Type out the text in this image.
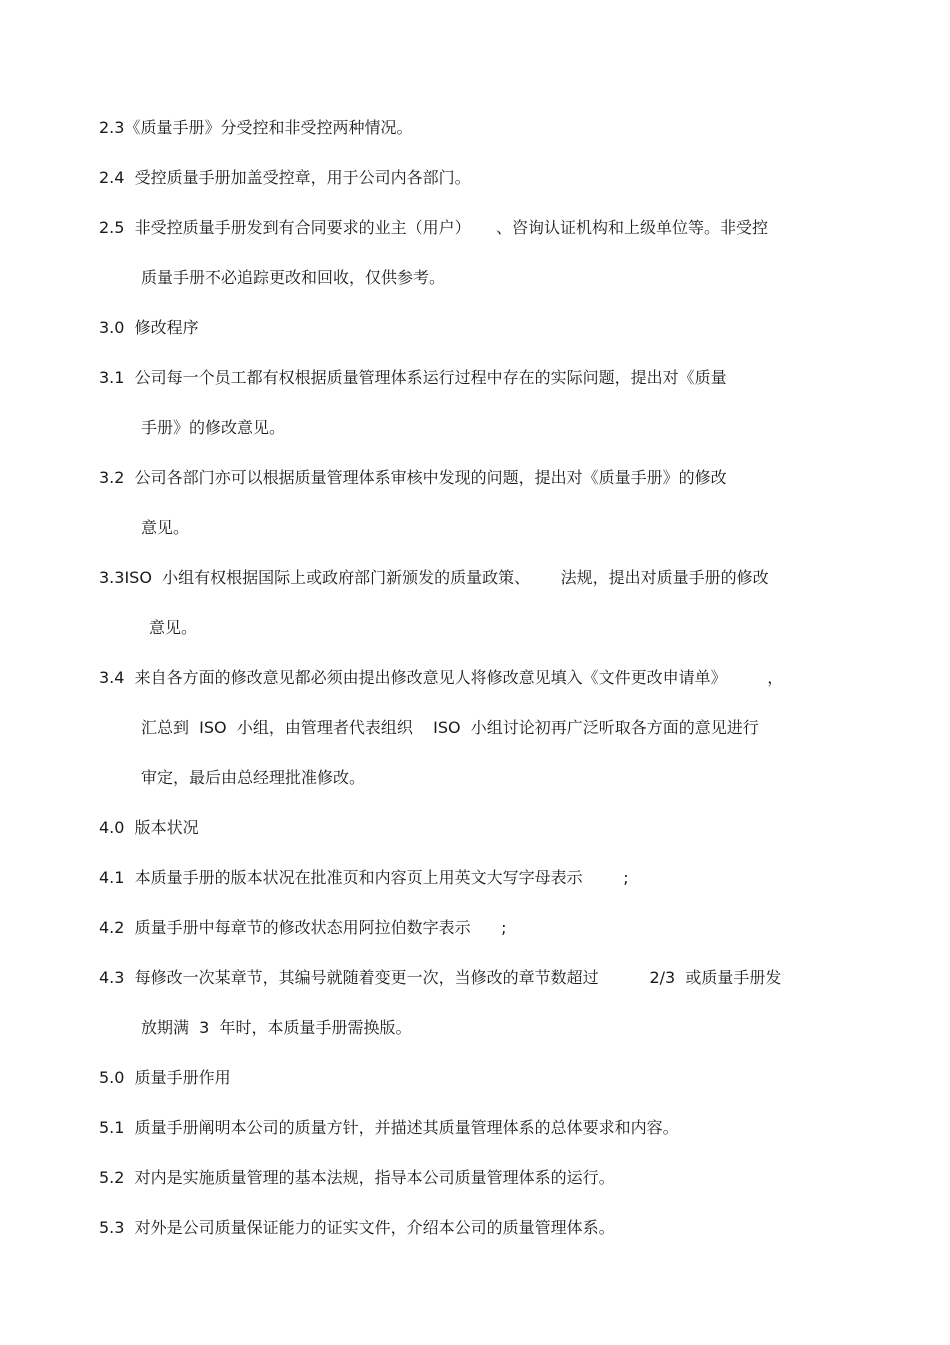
2.3《质量手册》分受控和非受控两种情况。
2.4  受控质量手册加盖受控章，用于公司内各部门。
2.5  非受控质量手册发到有合同要求的业主（用户）     、咨询认证机构和上级单位等。非受控
质量手册不必追踪更改和回收，仅供参考。
3.0  修改程序
3.1  公司每一个员工都有权根据质量管理体系运行过程中存在的实际问题，提出对《质量
手册》的修改意见。
3.2  公司各部门亦可以根据质量管理体系审核中发现的问题，提出对《质量手册》的修改
意见。
3.3ISO  小组有权根据国际上或政府部门新颁发的质量政策、      法规，提出对质量手册的修改
意见。
3.4  来自各方面的修改意见都必须由提出修改意见人将修改意见填入《文件更改申请单》        ，
汇总到  ISO  小组，由管理者代表组织    ISO  小组讨论初再广泛听取各方面的意见进行
审定，最后由总经理批准修改。
4.0  版本状况
4.1  本质量手册的版本状况在批准页和内容页上用英文大写字母表示        ;
4.2  质量手册中每章节的修改状态用阿拉伯数字表示      ;
4.3  每修改一次某章节，其编号就随着变更一次，当修改的章节数超过          2/3  或质量手册发
放期满  3  年时，本质量手册需换版。
5.0  质量手册作用
5.1  质量手册阐明本公司的质量方针，并描述其质量管理体系的总体要求和内容。
5.2  对内是实施质量管理的基本法规，指导本公司质量管理体系的运行。
5.3  对外是公司质量保证能力的证实文件，介绍本公司的质量管理体系。
